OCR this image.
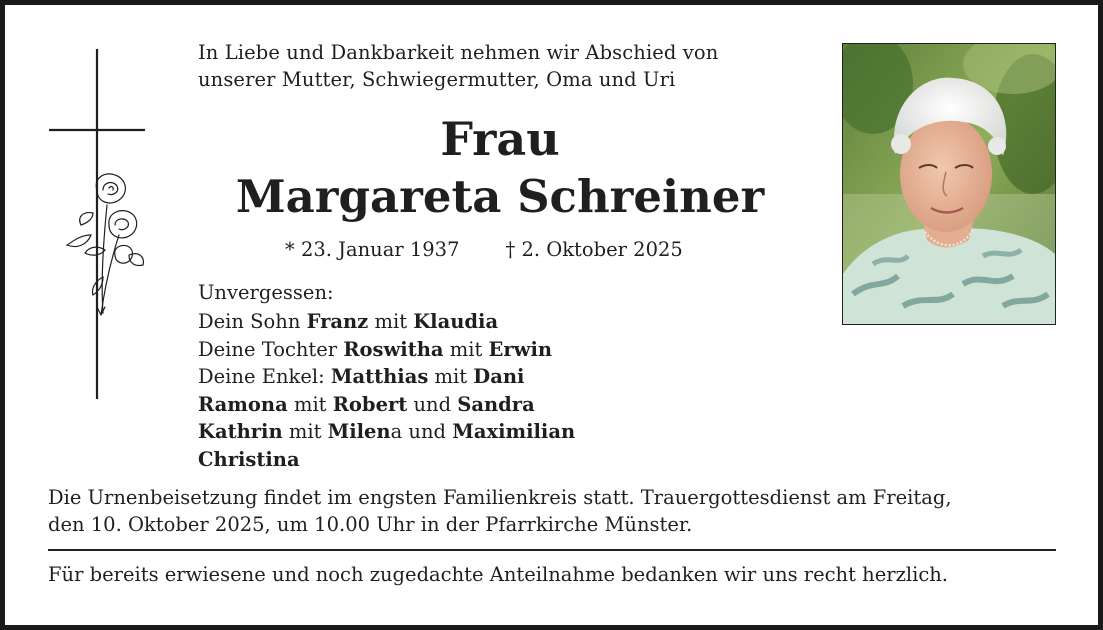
In Liebe und Dankbarkeit nehmen wir Abschied von
unserer Mutter, Schwiegermutter, Oma und Uri
Frau
Margareta Schreiner
* 23. Januar 1937 † 2. Oktober 2025
Unvergessen:
Dein Sohn Franz mit Klaudia
Deine Tochter Roswitha mit Erwin
Deine Enkel: Matthias mit Dani
Ramona mit Robert und Sandra
Kathrin mit Milena und Maximilian
Christina
Die Urnenbeisetzung findet im engsten Familienkreis statt. Trauergottesdienst am Freitag,
den 10. Oktober 2025, um 10.00 Uhr in der Pfarrkirche Münster.
Für bereits erwiesene und noch zugedachte Anteilnahme bedanken wir uns recht herzlich.
